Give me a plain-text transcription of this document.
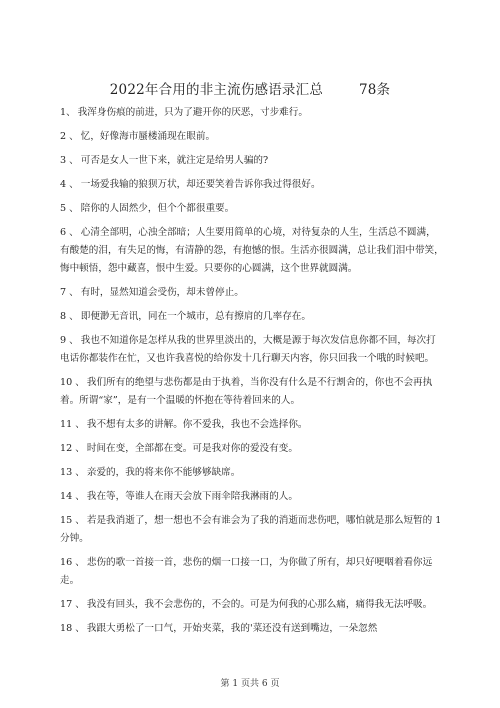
2022年合用的非主流伤感语录汇总        78条

1、 我浑身伤痕的前进，只为了避开你的厌恶，寸步难行。

2 、 忆，好像海市蜃楼涌现在眼前。

3 、 可否是女人一世下来，就注定是给男人骗的?

4 、 一场爱我输的狼狈万状，却还要笑着告诉你我过得很好。

5 、 陪你的人固然少，但个个都很重要。

6 、 心清全部明，心浊全部暗；人生要用简单的心境，对待复杂的人生，生活总不圆满，有酸楚的泪，有失足的悔，有清静的怨，有抱憾的恨。生活亦很圆满，总让我们泪中带笑，悔中顿悟，怨中藏喜，恨中生爱。只要你的心圆满，这个世界就圆满。

7 、 有时，显然知道会受伤，却未曾停止。

8 、 即便渺无音讯，同在一个城市，总有擦肩的几率存在。

9 、 我也不知道你是怎样从我的世界里淡出的，大概是源于每次发信息你都不回，每次打电话你都装作在忙，又也许我喜悦的给你发十几行聊天内容，你只回我一个哦的时候吧。

10 、 我们所有的绝望与悲伤都是由于执着，当你没有什么是不行割舍的，你也不会再执着。所谓“家”，是有一个温暖的怀抱在等待着回来的人。

11 、 我不想有太多的讲解。你不爱我，我也不会选择你。

12 、 时间在变，全部都在变。可是我对你的爱没有变。

13 、 亲爱的，我的将来你不能够够缺席。

14 、 我在等，等谁人在雨天会放下雨伞陪我淋雨的人。

15 、 若是我消逝了，想一想也不会有谁会为了我的消逝而悲伤吧，哪怕就是那么短暂的 1 分钟。

16 、 悲伤的歌一首接一首，悲伤的烟一口接一口，为你做了所有，却只好哽咽着看你远走。

17 、 我没有回头，我不会悲伤的，不会的。可是为何我的心那么痛，痛得我无法呼吸。

18 、 我跟大勇松了一口气，开始夹菜，我的'菜还没有送到嘴边，一朵忽然

第 1 页共 6 页
